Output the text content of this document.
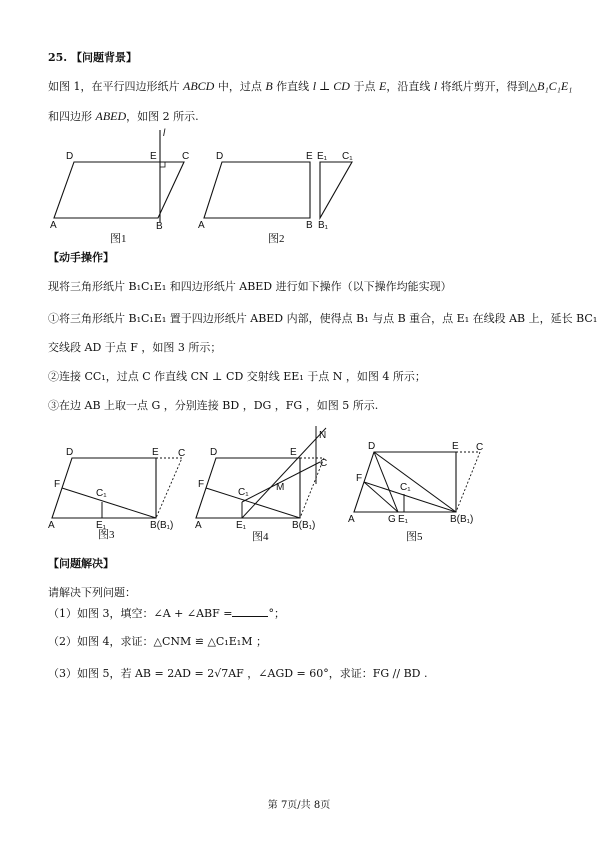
25. 【问题背景】
如图 1，在平行四边形纸片 ABCD 中，过点 B 作直线 l ⊥ CD 于点 E，沿直线 l 将纸片剪开，得到△B₁C₁E₁
和四边形 ABED，如图 2 所示.
l
D	E	C
A	B
图1
D	E E₁ C₁
A	B B₁
图2
【动手操作】
现将三角形纸片 B₁C₁E₁ 和四边形纸片 ABED 进行如下操作（以下操作均能实现）
①将三角形纸片 B₁C₁E₁ 置于四边形纸片 ABED 内部，使得点 B₁ 与点 B 重合，点 E₁ 在线段 AB 上，延长 BC₁
交线段 AD 于点 F ，如图 3 所示；
②连接 CC₁，过点 C 作直线 CN ⊥ CD 交射线 EE₁ 于点 N ，如图 4 所示；
③在边 AB 上取一点 G ，分别连接 BD ，DG ，FG ，如图 5 所示.
D	E C
F
C₁
A	E₁	B(B₁)
图3
D	E
N
C
F
C₁	M
A	E₁	B(B₁)
图4
D	E C
F
C₁
A	G E₁	B(B₁)
图5
【问题解决】
请解决下列问题：
（1）如图 3，填空：∠A + ∠ABF =	°；
（2）如图 4，求证：△CNM ≌ △C₁E₁M ；
（3）如图 5，若 AB = 2AD = 2√7AF ，∠AGD = 60°，求证：FG // BD .
第 7页/共 8页
